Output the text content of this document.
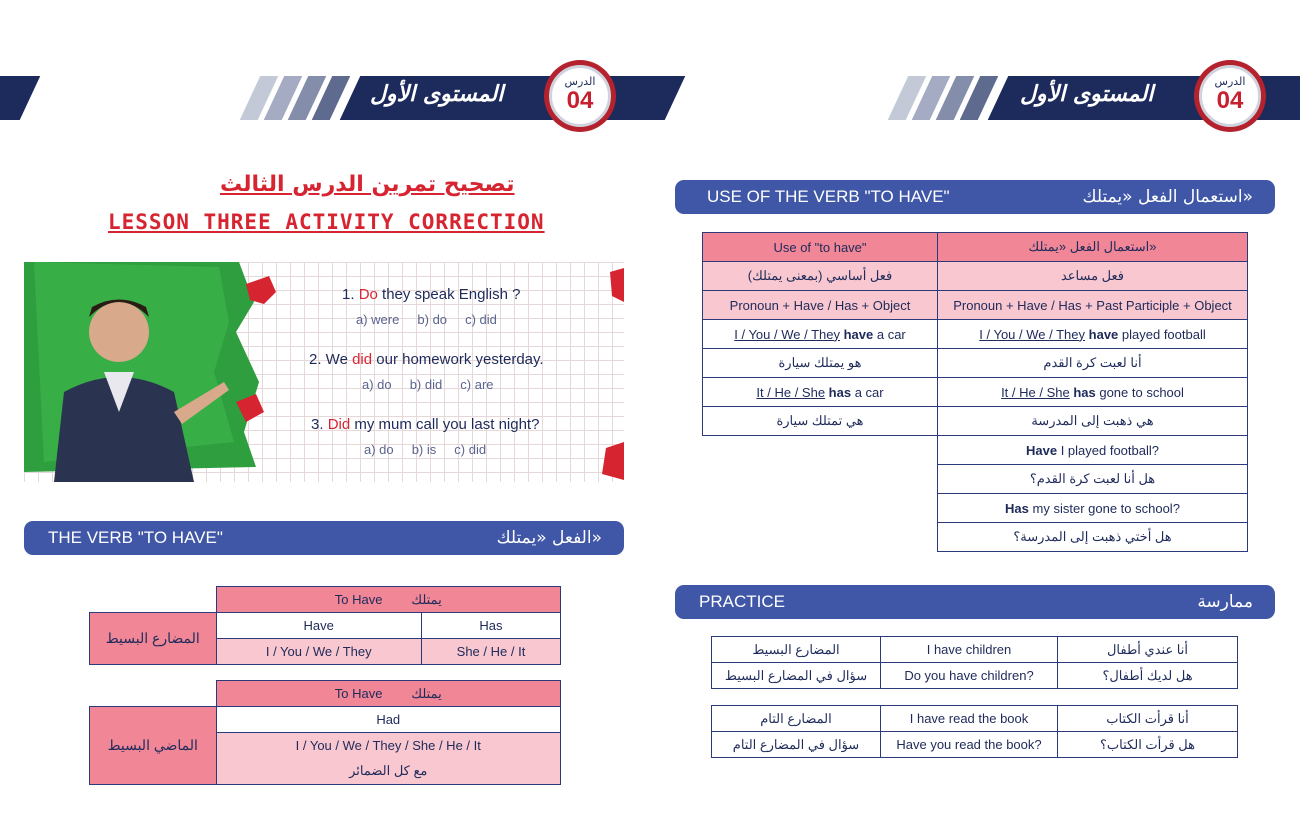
المستوى الأول
الدرس
04	المستوى الأول
الدرس
04
تصحيح تمرين الدرس الثالث
LESSON THREE ACTIVITY CORRECTION
1. Do they speak English ?
a) were     b) do     c) did
2. We did our homework yesterday.
a) do     b) did     c) are
3. Did my mum call you last night?
a) do     b) is     c) did
THE VERB "TO HAVE"	الفعل «يمتلك»
	To Have يمتلك	
المضارع البسيط	Have	Has
	I / You / We / They	She / He / It
	To Have يمتلك
الماضي البسيط	Had
	I / You / We / They / She / He / It
	مع كل الضمائر
USE OF THE VERB "TO HAVE"	استعمال الفعل «يمتلك»
Use of "to have"	استعمال الفعل «يمتلك»
فعل أساسي (بمعنى يمتلك)	فعل مساعد
Pronoun + Have / Has + Object	Pronoun + Have / Has + Past Participle + Object
I / You / We / They have a car	I / You / We / They have played football
هو يمتلك سيارة	أنا لعبت كرة القدم
It / He / She has a car	It / He / She has gone to school
هي تمتلك سيارة	هي ذهبت إلى المدرسة
	Have I played football?
	هل أنا لعبت كرة القدم؟
	Has my sister gone to school?
	هل أختي ذهبت إلى المدرسة؟
PRACTICE	ممارسة
المضارع البسيط	I have children	أنا عندي أطفال
سؤال في المضارع البسيط	Do you have children?	هل لديك أطفال؟
المضارع التام	I have read the book	أنا قرأت الكتاب
سؤال في المضارع التام	Have you read the book?	هل قرأت الكتاب؟
